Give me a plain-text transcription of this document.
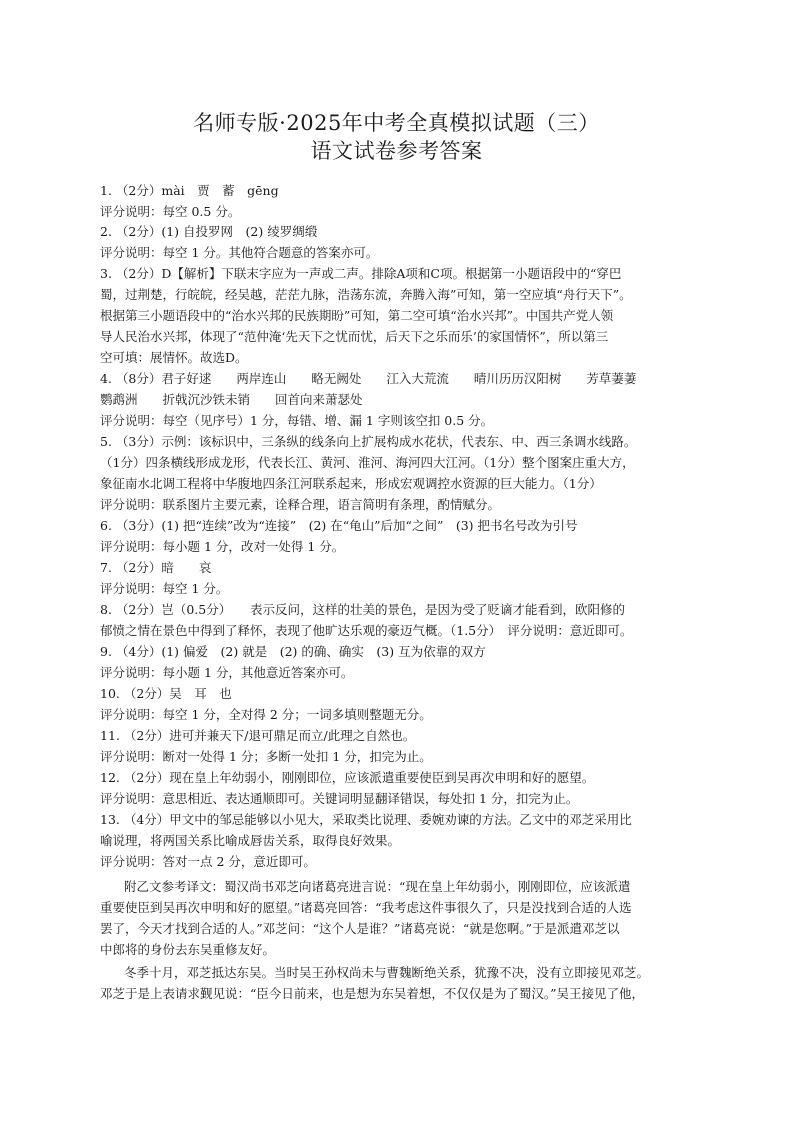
名师专版·2025年中考全真模拟试题（三）
语文试卷参考答案
1. （2分）mài　贾　蓄　gēng
评分说明：每空 0.5 分。
2. （2分）(1) 自投罗网　(2) 绫罗绸缎
评分说明：每空 1 分。其他符合题意的答案亦可。
3. （2分）D【解析】下联末字应为一声或二声。排除A项和C项。根据第一小题语段中的“穿巴
蜀，过荆楚，行皖皖，经吴越，茫茫九脉，浩荡东流，奔腾入海”可知，第一空应填“舟行天下”。
根据第三小题语段中的“治水兴邦的民族期盼”可知，第二空可填“治水兴邦”。中国共产党人领
导人民治水兴邦，体现了“范仲淹‘先天下之忧而忧，后天下之乐而乐’的家国情怀”，所以第三
空可填：展情怀。故选D。
4. （8分）君子好逑　　两岸连山　　略无阙处　　江入大荒流　　晴川历历汉阳树　　芳草萋萋
鹦鹉洲　　折戟沉沙铁未销　　回首向来萧瑟处
评分说明：每空（见序号）1 分，每错、增、漏 1 字则该空扣 0.5 分。
5. （3分）示例：该标识中，三条纵的线条向上扩展构成水花状，代表东、中、西三条调水线路。
（1分）四条横线形成龙形，代表长江、黄河、淮河、海河四大江河。（1分）整个图案庄重大方，
象征南水北调工程将中华腹地四条江河联系起来，形成宏观调控水资源的巨大能力。（1分）
评分说明：联系图片主要元素，诠释合理，语言简明有条理，酌情赋分。
6. （3分）(1) 把“连续”改为“连接”　(2) 在“龟山”后加“之间”　(3) 把书名号改为引号
评分说明：每小题 1 分，改对一处得 1 分。
7. （2分）暗　　哀
评分说明：每空 1 分。
8. （2分）岂（0.5分）　　表示反问，这样的壮美的景色，是因为受了贬谪才能看到，欧阳修的
郁愤之情在景色中得到了释怀，表现了他旷达乐观的豪迈气概。（1.5分）　评分说明：意近即可。
9. （4分）(1) 偏爱　(2) 就是　(2) 的确、确实　(3) 互为依靠的双方
评分说明：每小题 1 分，其他意近答案亦可。
10. （2分）吴　耳　也
评分说明：每空 1 分，全对得 2 分；一词多填则整题无分。
11. （2分）进可并兼天下/退可鼎足而立/此理之自然也。
评分说明：断对一处得 1 分；多断一处扣 1 分，扣完为止。
12. （2分）现在皇上年幼弱小，刚刚即位，应该派遣重要使臣到吴再次申明和好的愿望。
评分说明：意思相近、表达通顺即可。关键词明显翻译错误，每处扣 1 分，扣完为止。
13. （4分）甲文中的邹忌能够以小见大，采取类比说理、委婉劝谏的方法。乙文中的邓芝采用比
喻说理，将两国关系比喻成唇齿关系，取得良好效果。
评分说明：答对一点 2 分，意近即可。
附乙文参考译文：蜀汉尚书邓芝向诸葛亮进言说：“现在皇上年幼弱小，刚刚即位，应该派遣
重要使臣到吴再次申明和好的愿望。”诸葛亮回答：“我考虑这件事很久了，只是没找到合适的人选
罢了，今天才找到合适的人。”邓芝问：“这个人是谁？”诸葛亮说：“就是您啊。”于是派遣邓芝以
中郎将的身份去东吴重修友好。
冬季十月，邓芝抵达东吴。当时吴王孙权尚未与曹魏断绝关系，犹豫不决，没有立即接见邓芝。
邓芝于是上表请求觐见说：“臣今日前来，也是想为东吴着想，不仅仅是为了蜀汉。”吴王接见了他，
